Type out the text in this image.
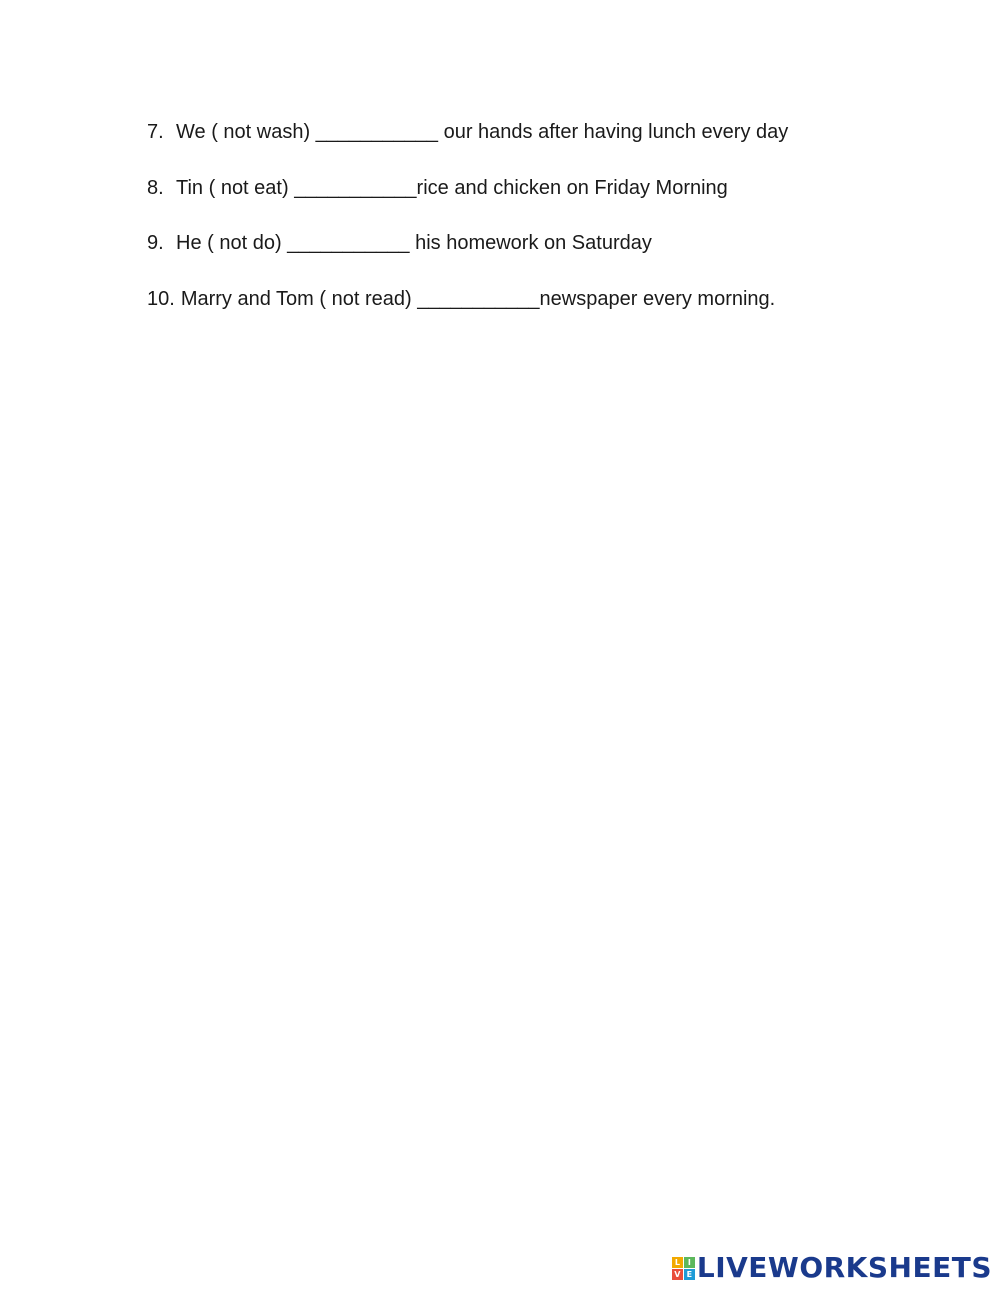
7. We ( not wash) ___________ our hands after having lunch every day
8. Tin ( not eat) ___________rice and chicken on Friday Morning
9. He ( not do) ___________ his homework on Saturday
10. Marry and Tom ( not read) ___________newspaper every morning.
L I
V E LIVEWORKSHEETS
